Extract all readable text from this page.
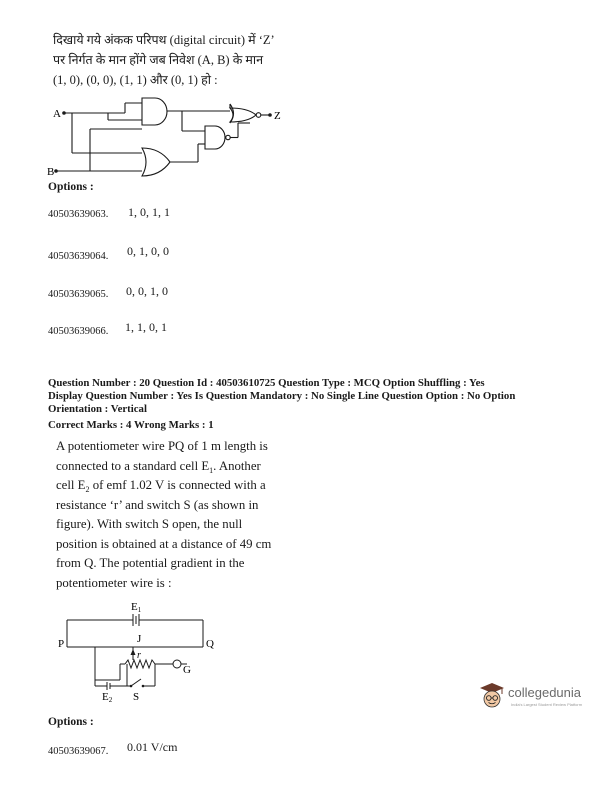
दिखाये गये अंकक परिपथ (digital circuit) में ‘Z’
पर निर्गत के मान होंगे जब निवेश (A, B) के मान
(1, 0), (0, 0), (1, 1) और (0, 1) हो :
A
B
Z
Options :
40503639063. 1, 0, 1, 1
40503639064. 0, 1, 0, 0
40503639065. 0, 0, 1, 0
40503639066. 1, 1, 0, 1
Question Number : 20 Question Id : 40503610725 Question Type : MCQ Option Shuffling : Yes
Display Question Number : Yes Is Question Mandatory : No Single Line Question Option : No Option
Orientation : Vertical
Correct Marks : 4 Wrong Marks : 1
A potentiometer wire PQ of 1 m length is
connected to a standard cell $E_1$. Another
cell $E_2$ of emf 1.02 V is connected with a
resistance ‘r’ and switch S (as shown in
figure). With switch S open, the null
position is obtained at a distance of 49 cm
from Q. The potential gradient in the
potentiometer wire is :
E1
P	Q
J
r
G
E2 S
Options :
40503639067. 0.01 V/cm
collegedunia
India's Largest Student Review Platform
